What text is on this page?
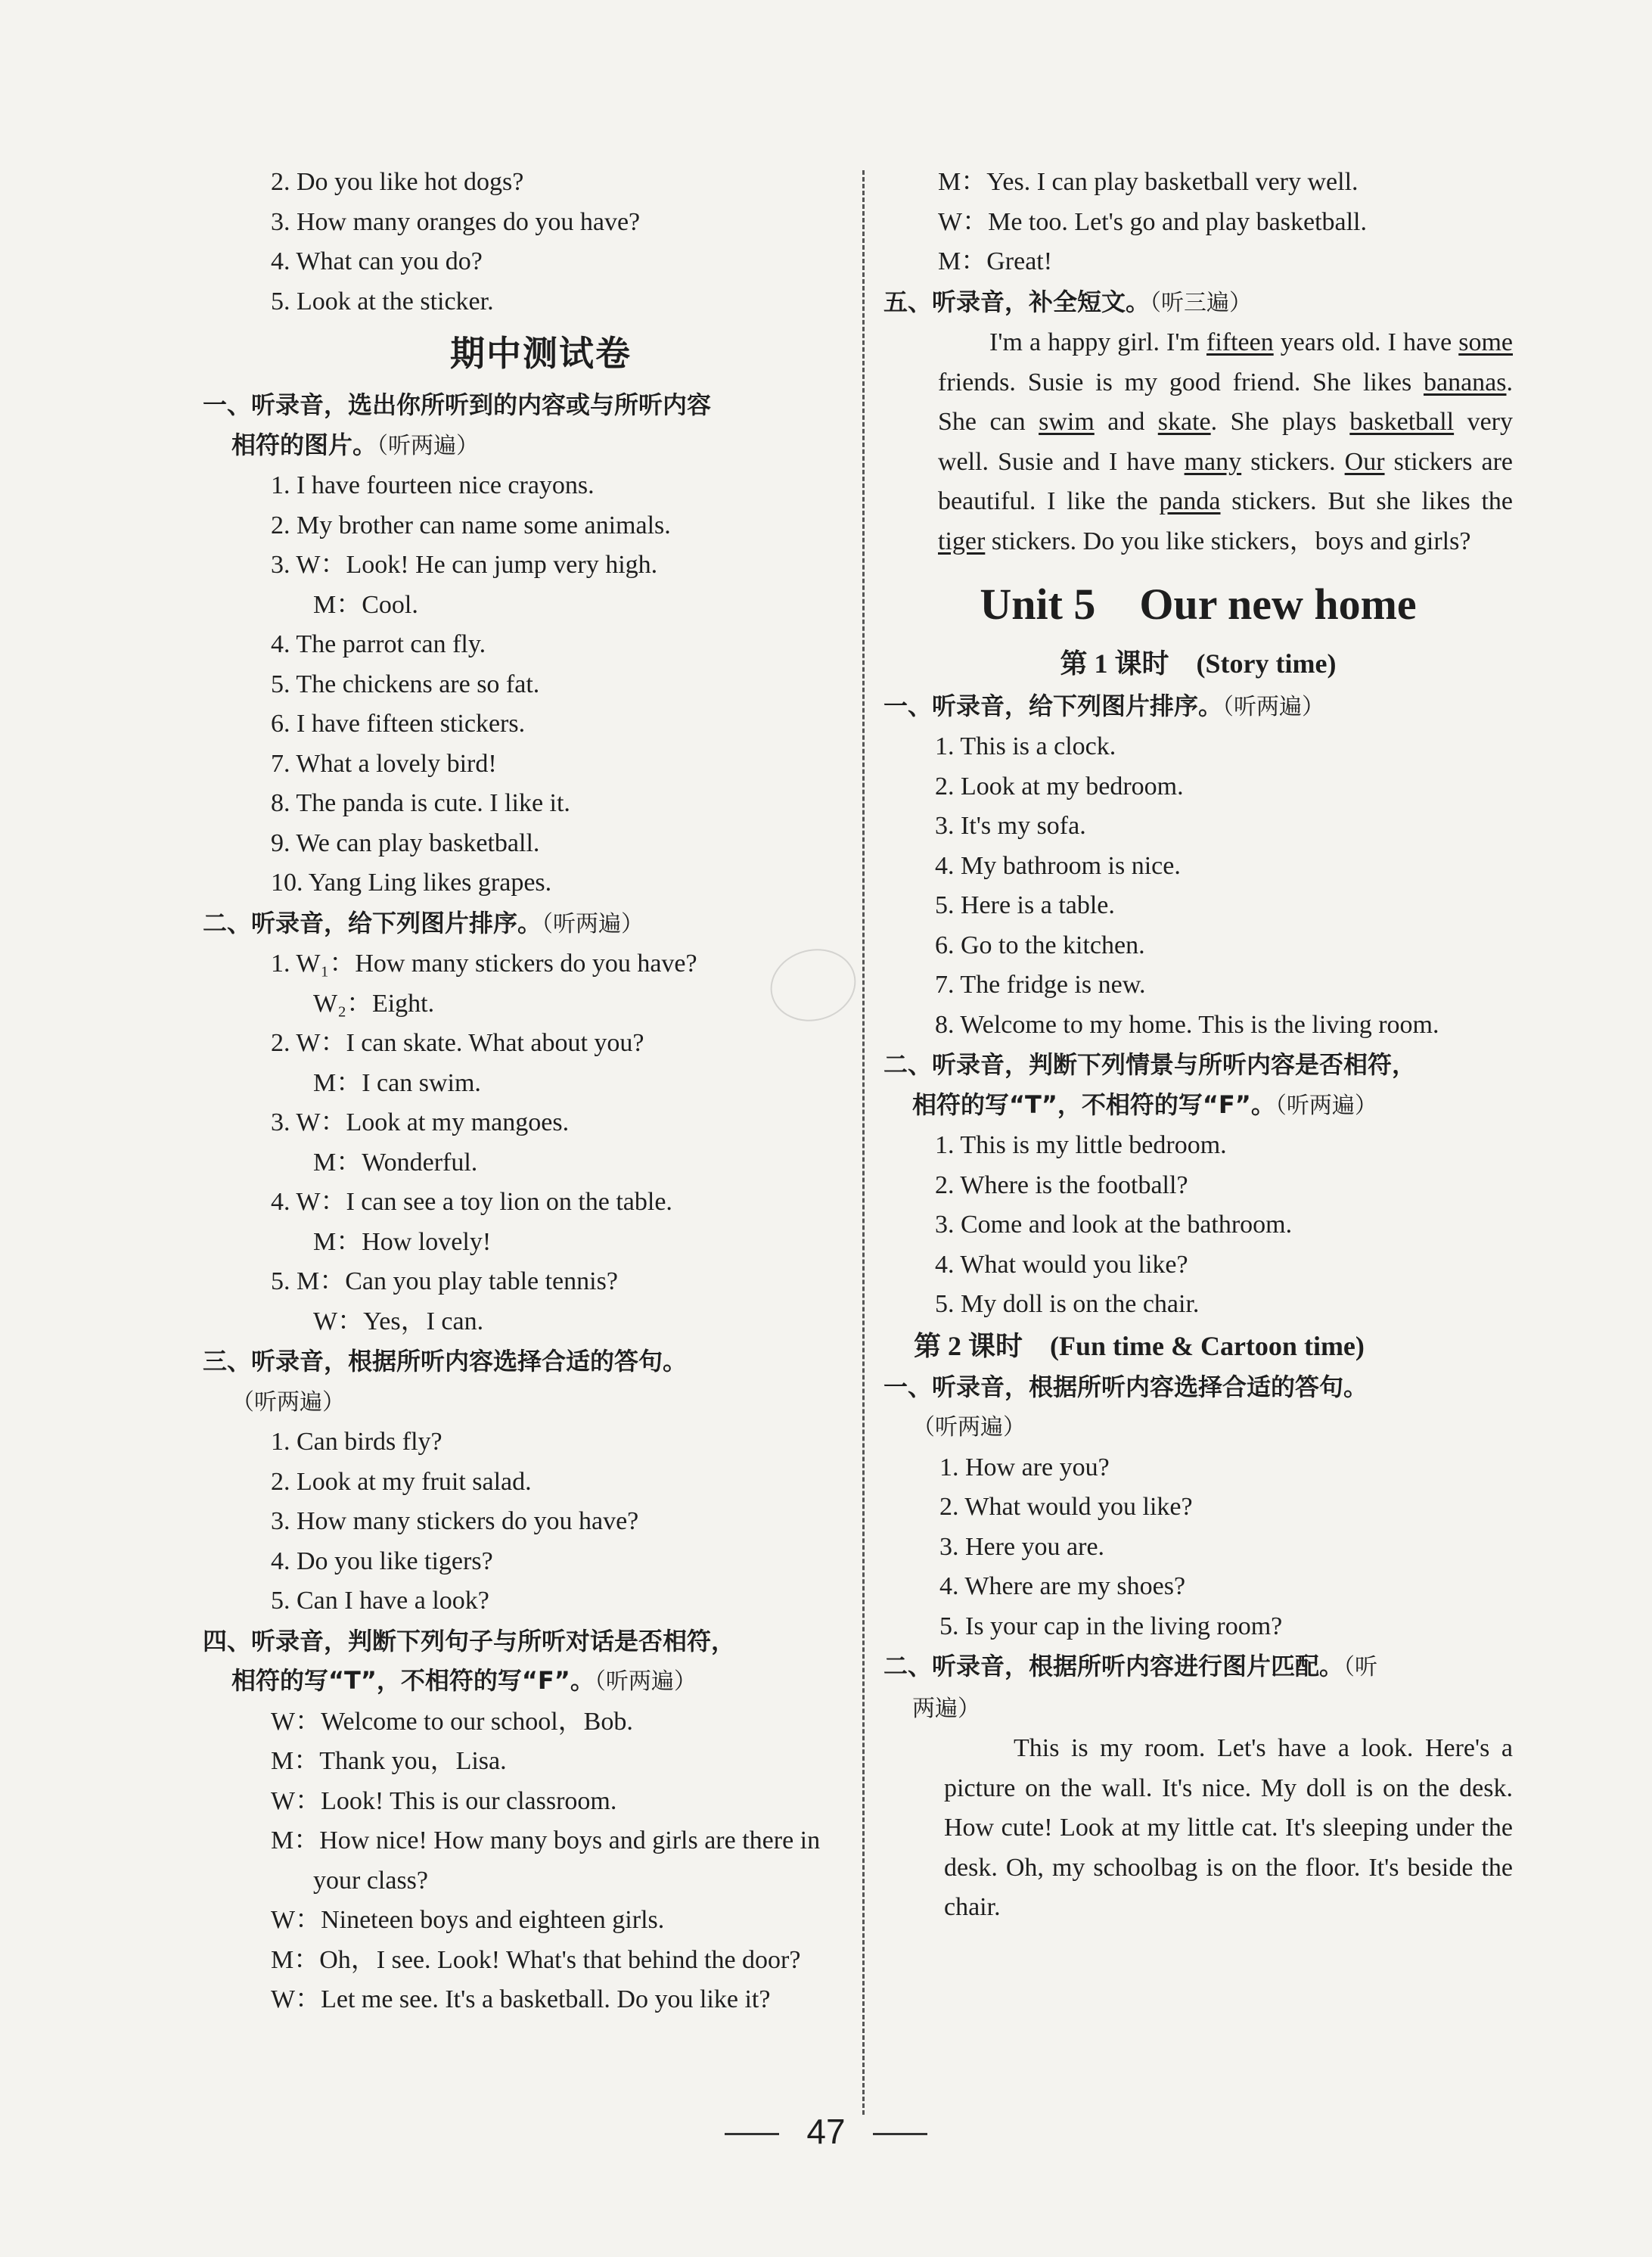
2. Do you like hot dogs?
3. How many oranges do you have?
4. What can you do?
5. Look at the sticker.
期中测试卷
一、听录音，选出你所听到的内容或与所听内容
相符的图片。（听两遍）
1. I have fourteen nice crayons.
2. My brother can name some animals.
3. W：Look! He can jump very high.
M：Cool.
4. The parrot can fly.
5. The chickens are so fat.
6. I have fifteen stickers.
7. What a lovely bird!
8. The panda is cute. I like it.
9. We can play basketball.
10. Yang Ling likes grapes.
二、听录音，给下列图片排序。（听两遍）
1. W₁：How many stickers do you have?
W₂：Eight.
2. W：I can skate. What about you?
M：I can swim.
3. W：Look at my mangoes.
M：Wonderful.
4. W：I can see a toy lion on the table.
M：How lovely!
5. M：Can you play table tennis?
W：Yes，I can.
三、听录音，根据所听内容选择合适的答句。
（听两遍）
1. Can birds fly?
2. Look at my fruit salad.
3. How many stickers do you have?
4. Do you like tigers?
5. Can I have a look?
四、听录音，判断下列句子与所听对话是否相符，
相符的写“T”，不相符的写“F”。（听两遍）
W：Welcome to our school，Bob.
M：Thank you，Lisa.
W：Look! This is our classroom.
M：How nice! How many boys and girls are there in your class?
W：Nineteen boys and eighteen girls.
M：Oh，I see. Look! What's that behind the door?
W：Let me see. It's a basketball. Do you like it?
M：Yes. I can play basketball very well.
W：Me too. Let's go and play basketball.
M：Great!
五、听录音，补全短文。（听三遍）
I'm a happy girl. I'm fifteen years old. I have some friends. Susie is my good friend. She likes bananas. She can swim and skate. She plays basketball very well. Susie and I have many stickers. Our stickers are beautiful. I like the panda stickers. But she likes the tiger stickers. Do you like stickers，boys and girls?
Unit 5　Our new home
第 1 课时　(Story time)
一、听录音，给下列图片排序。（听两遍）
1. This is a clock.
2. Look at my bedroom.
3. It's my sofa.
4. My bathroom is nice.
5. Here is a table.
6. Go to the kitchen.
7. The fridge is new.
8. Welcome to my home. This is the living room.
二、听录音，判断下列情景与所听内容是否相符，
相符的写“T”，不相符的写“F”。（听两遍）
1. This is my little bedroom.
2. Where is the football?
3. Come and look at the bathroom.
4. What would you like?
5. My doll is on the chair.
第 2 课时　(Fun time & Cartoon time)
一、听录音，根据所听内容选择合适的答句。
（听两遍）
1. How are you?
2. What would you like?
3. Here you are.
4. Where are my shoes?
5. Is your cap in the living room?
二、听录音，根据所听内容进行图片匹配。（听
两遍）
This is my room. Let's have a look. Here's a picture on the wall. It's nice. My doll is on the desk. How cute! Look at my little cat. It's sleeping under the desk. Oh, my schoolbag is on the floor. It's beside the chair.
47
